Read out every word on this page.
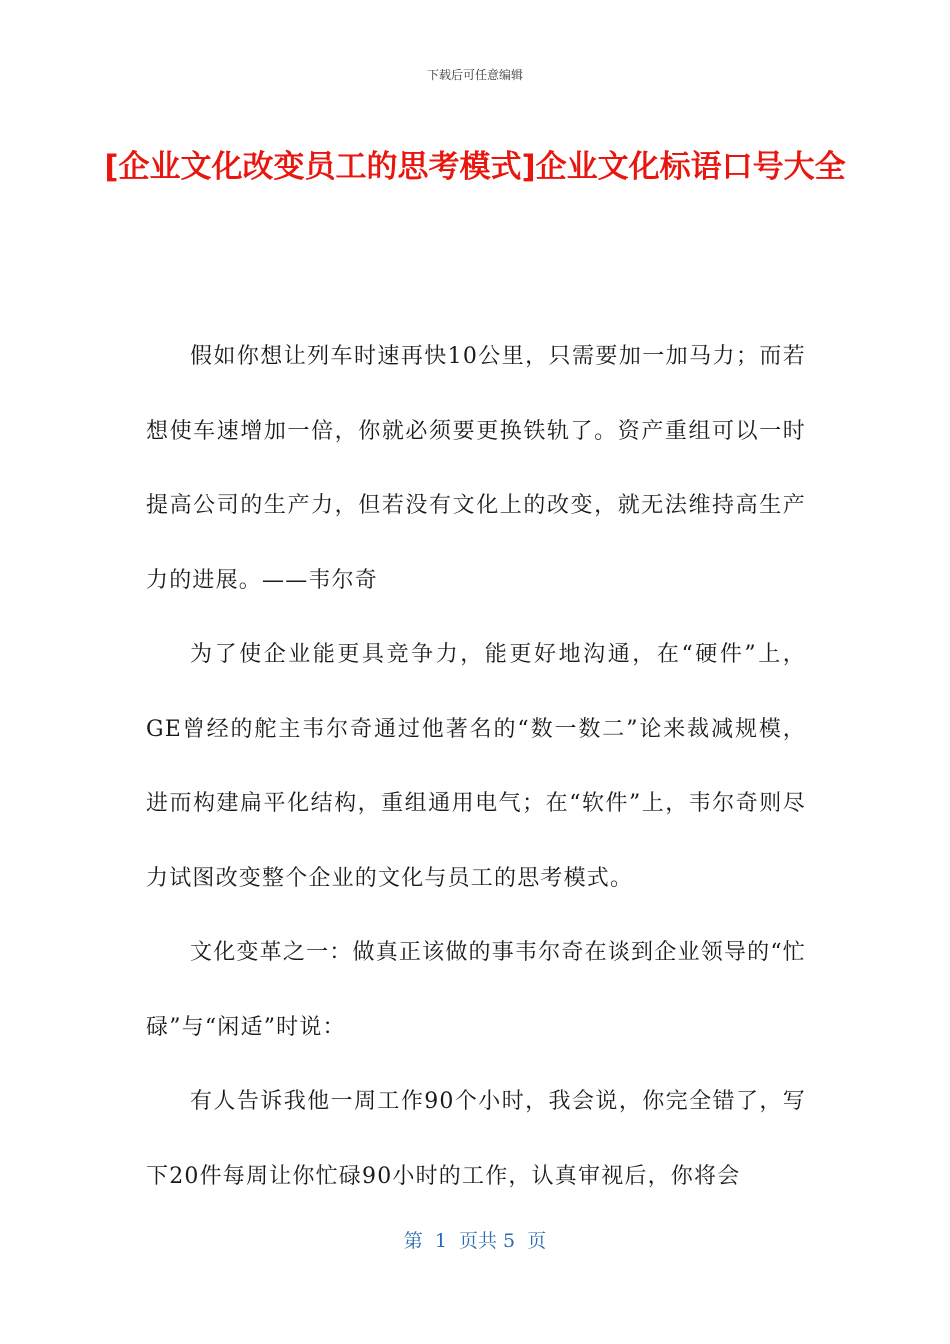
下载后可任意编辑
[企业文化改变员工的思考模式]企业文化标语口号大全

假如你想让列车时速再快10公里，只需要加一加马力；而若想使车速增加一倍，你就必须要更换铁轨了。资产重组可以一时提高公司的生产力，但若没有文化上的改变，就无法维持高生产力的进展。——韦尔奇

为了使企业能更具竞争力，能更好地沟通，在“硬件”上，GE曾经的舵主韦尔奇通过他著名的“数一数二”论来裁减规模，进而构建扁平化结构，重组通用电气；在“软件”上，韦尔奇则尽力试图改变整个企业的文化与员工的思考模式。

文化变革之一：做真正该做的事韦尔奇在谈到企业领导的“忙碌”与“闲适”时说：

有人告诉我他一周工作90个小时，我会说，你完全错了，写下20件每周让你忙碌90小时的工作，认真审视后，你将会

第  1  页共 5  页
